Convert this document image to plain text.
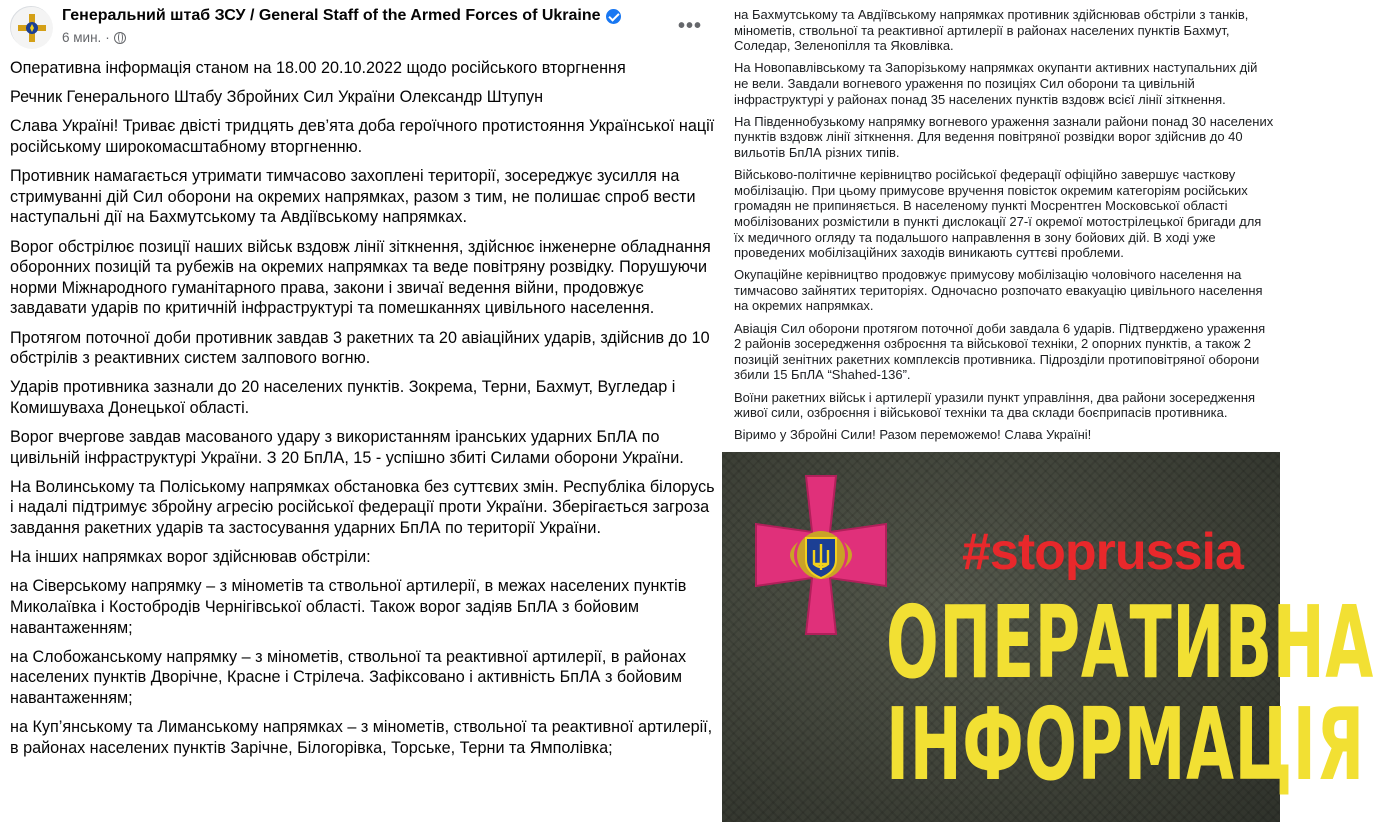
Генеральний штаб ЗСУ / General Staff of the Armed Forces of Ukraine
6 мин. ·
•••

Оперативна інформація станом на 18.00 20.10.2022 щодо російського вторгнення

Речник Генерального Штабу Збройних Сил України Олександр Штупун

Слава Україні! Триває двісті тридцять дев’ята доба героїчного протистояння Української нації російському широкомасштабному вторгненню.

Противник намагається утримати тимчасово захоплені території, зосереджує зусилля на стримуванні дій Сил оборони на окремих напрямках, разом з тим, не полишає спроб вести наступальні дії на Бахмутському та Авдіївському напрямках.

Ворог обстрілює позиції наших військ вздовж лінії зіткнення, здійснює інженерне обладнання оборонних позицій та рубежів на окремих напрямках та веде повітряну розвідку. Порушуючи норми Міжнародного гуманітарного права, закони і звичаї ведення війни, продовжує завдавати ударів по критичній інфраструктурі та помешканнях цивільного населення.

Протягом поточної доби противник завдав 3 ракетних та 20 авіаційних ударів, здійснив до 10 обстрілів з реактивних систем залпового вогню.

Ударів противника зазнали до 20 населених пунктів. Зокрема, Терни, Бахмут, Вугледар і Комишуваха Донецької області.

Ворог вчергове завдав масованого удару з використанням іранських ударних БпЛА по цивільній інфраструктурі України. З 20 БпЛА, 15 - успішно збиті Силами оборони України.

На Волинському та Поліському напрямках обстановка без суттєвих змін. Республіка білорусь і надалі підтримує збройну агресію російської федерації проти України. Зберігається загроза завдання ракетних ударів та застосування ударних БпЛА по території України.

На інших напрямках ворог здійснював обстріли:

на Сіверському напрямку – з мінометів та ствольної артилерії, в межах населених пунктів Миколаївка і Костобродів Чернігівської області. Також ворог задіяв БпЛА з бойовим навантаженням;

на Слобожанському напрямку – з мінометів, ствольної та реактивної артилерії, в районах населених пунктів Дворічне, Красне і Стрілеча. Зафіксовано і активність БпЛА з бойовим навантаженням;

на Куп’янському та Лиманському напрямках – з мінометів, ствольної та реактивної артилерії, в районах населених пунктів Зарічне, Білогорівка, Торське, Терни та Ямполівка;

на Бахмутському та Авдіївському напрямках противник здійснював обстріли з танків, мінометів, ствольної та реактивної артилерії в районах населених пунктів Бахмут, Соледар, Зеленопілля та Яковлівка.

На Новопавлівському та Запорізькому напрямках окупанти активних наступальних дій не вели. Завдали вогневого ураження по позиціях Сил оборони та цивільній інфраструктурі у районах понад 35 населених пунктів вздовж всієї лінії зіткнення.

На Південнобузькому напрямку вогневого ураження зазнали райони понад 30 населених пунктів вздовж лінії зіткнення. Для ведення повітряної розвідки ворог здійснив до 40 вильотів БпЛА різних типів.

Військово-політичне керівництво російської федерації офіційно завершує часткову мобілізацію. При цьому примусове вручення повісток окремим категоріям російських громадян не припиняється. В населеному пункті Мосрентген Московської області мобілізованих розмістили в пункті дислокації 27-ї окремої мотострілецької бригади для їх медичного огляду та подальшого направлення в зону бойових дій. В ході уже проведених мобілізаційних заходів виникають суттєві проблеми.

Окупаційне керівництво продовжує примусову мобілізацію чоловічого населення на тимчасово зайнятих територіях. Одночасно розпочато евакуацію цивільного населення на окремих напрямках.

Авіація Сил оборони протягом поточної доби завдала 6 ударів. Підтверджено ураження 2 районів зосередження озброєння та військової техніки, 2 опорних пунктів, а також 2 позицій зенітних ракетних комплексів противника. Підрозділи протиповітряної оборони збили 15 БпЛА “Shahed-136”.

Воїни ракетних військ і артилерії уразили пункт управління, два райони зосередження живої сили, озброєння і військової техніки та два склади боєприпасів противника.

Віримо у Збройні Сили! Разом переможемо! Слава Україні!

#stoprussia
ОПЕРАТИВНА
ІНФОРМАЦІЯ
